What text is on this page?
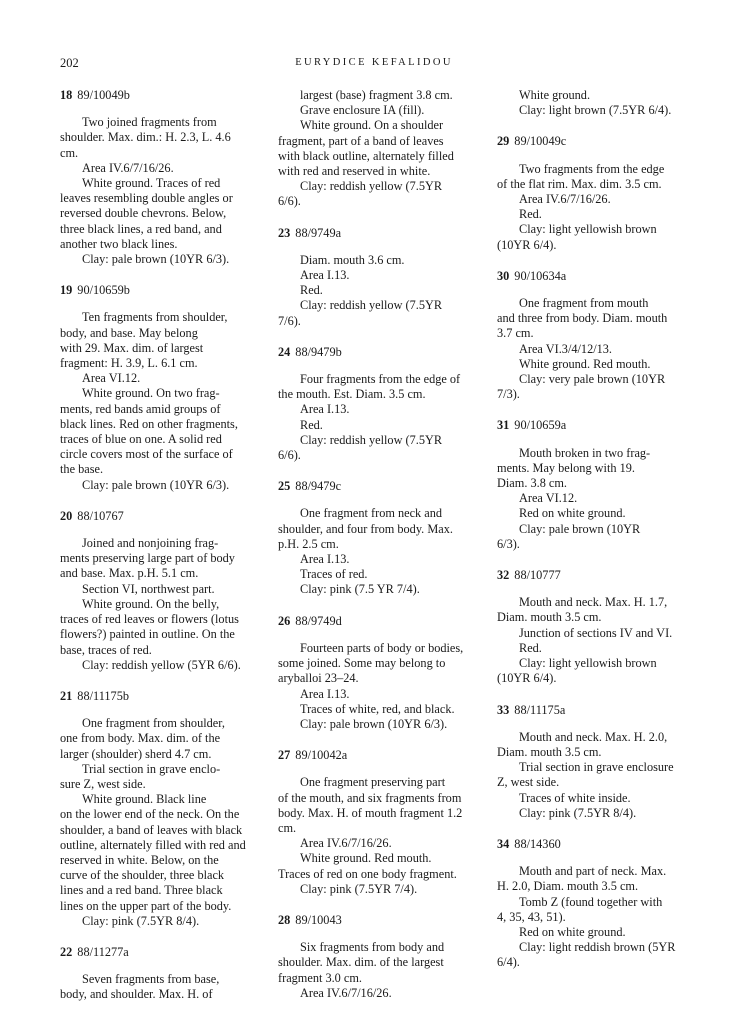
202	EURYDICE KEFALIDOU
18 89/10049b

Two joined fragments from
shoulder. Max. dim.: H. 2.3, L. 4.6
cm.

Area IV.6/7/16/26.

White ground. Traces of red
leaves resembling double angles or
reversed double chevrons. Below,
three black lines, a red band, and
another two black lines.

Clay: pale brown (10YR 6/3).

19 90/10659b

Ten fragments from shoulder,
body, and base. May belong
with 29. Max. dim. of largest
fragment: H. 3.9, L. 6.1 cm.

Area VI.12.

White ground. On two frag-
ments, red bands amid groups of
black lines. Red on other fragments,
traces of blue on one. A solid red
circle covers most of the surface of
the base.

Clay: pale brown (10YR 6/3).

20 88/10767

Joined and nonjoining frag-
ments preserving large part of body
and base. Max. p.H. 5.1 cm.

Section VI, northwest part.

White ground. On the belly,
traces of red leaves or flowers (lotus
flowers?) painted in outline. On the
base, traces of red.

Clay: reddish yellow (5YR 6/6).

21 88/11175b

One fragment from shoulder,
one from body. Max. dim. of the
larger (shoulder) sherd 4.7 cm.

Trial section in grave enclo-
sure Z, west side.

White ground. Black line
on the lower end of the neck. On the
shoulder, a band of leaves with black
outline, alternately filled with red and
reserved in white. Below, on the
curve of the shoulder, three black
lines and a red band. Three black
lines on the upper part of the body.

Clay: pink (7.5YR 8/4).

22 88/11277a

Seven fragments from base,
body, and shoulder. Max. H. of

largest (base) fragment 3.8 cm.

Grave enclosure IA (fill).

White ground. On a shoulder
fragment, part of a band of leaves
with black outline, alternately filled
with red and reserved in white.

Clay: reddish yellow (7.5YR
6/6).

23 88/9749a

Diam. mouth 3.6 cm.

Area I.13.

Red.

Clay: reddish yellow (7.5YR
7/6).

24 88/9479b

Four fragments from the edge of
the mouth. Est. Diam. 3.5 cm.

Area I.13.

Red.

Clay: reddish yellow (7.5YR
6/6).

25 88/9479c

One fragment from neck and
shoulder, and four from body. Max.
p.H. 2.5 cm.

Area I.13.

Traces of red.

Clay: pink (7.5 YR 7/4).

26 88/9749d

Fourteen parts of body or bodies,
some joined. Some may belong to
aryballoi 23–24.

Area I.13.

Traces of white, red, and black.

Clay: pale brown (10YR 6/3).

27 89/10042a

One fragment preserving part
of the mouth, and six fragments from
body. Max. H. of mouth fragment 1.2
cm.

Area IV.6/7/16/26.

White ground. Red mouth.
Traces of red on one body fragment.

Clay: pink (7.5YR 7/4).

28 89/10043

Six fragments from body and
shoulder. Max. dim. of the largest
fragment 3.0 cm.

Area IV.6/7/16/26.

White ground.

Clay: light brown (7.5YR 6/4).

29 89/10049c

Two fragments from the edge
of the flat rim. Max. dim. 3.5 cm.

Area IV.6/7/16/26.

Red.

Clay: light yellowish brown
(10YR 6/4).

30 90/10634a

One fragment from mouth
and three from body. Diam. mouth
3.7 cm.

Area VI.3/4/12/13.

White ground. Red mouth.

Clay: very pale brown (10YR
7/3).

31 90/10659a

Mouth broken in two frag-
ments. May belong with 19.
Diam. 3.8 cm.

Area VI.12.

Red on white ground.

Clay: pale brown (10YR
6/3).

32 88/10777

Mouth and neck. Max. H. 1.7,
Diam. mouth 3.5 cm.

Junction of sections IV and VI.

Red.

Clay: light yellowish brown
(10YR 6/4).

33 88/11175a

Mouth and neck. Max. H. 2.0,
Diam. mouth 3.5 cm.

Trial section in grave enclosure
Z, west side.

Traces of white inside.

Clay: pink (7.5YR 8/4).

34 88/14360

Mouth and part of neck. Max.
H. 2.0, Diam. mouth 3.5 cm.

Tomb Z (found together with
4, 35, 43, 51).

Red on white ground.

Clay: light reddish brown (5YR
6/4).
